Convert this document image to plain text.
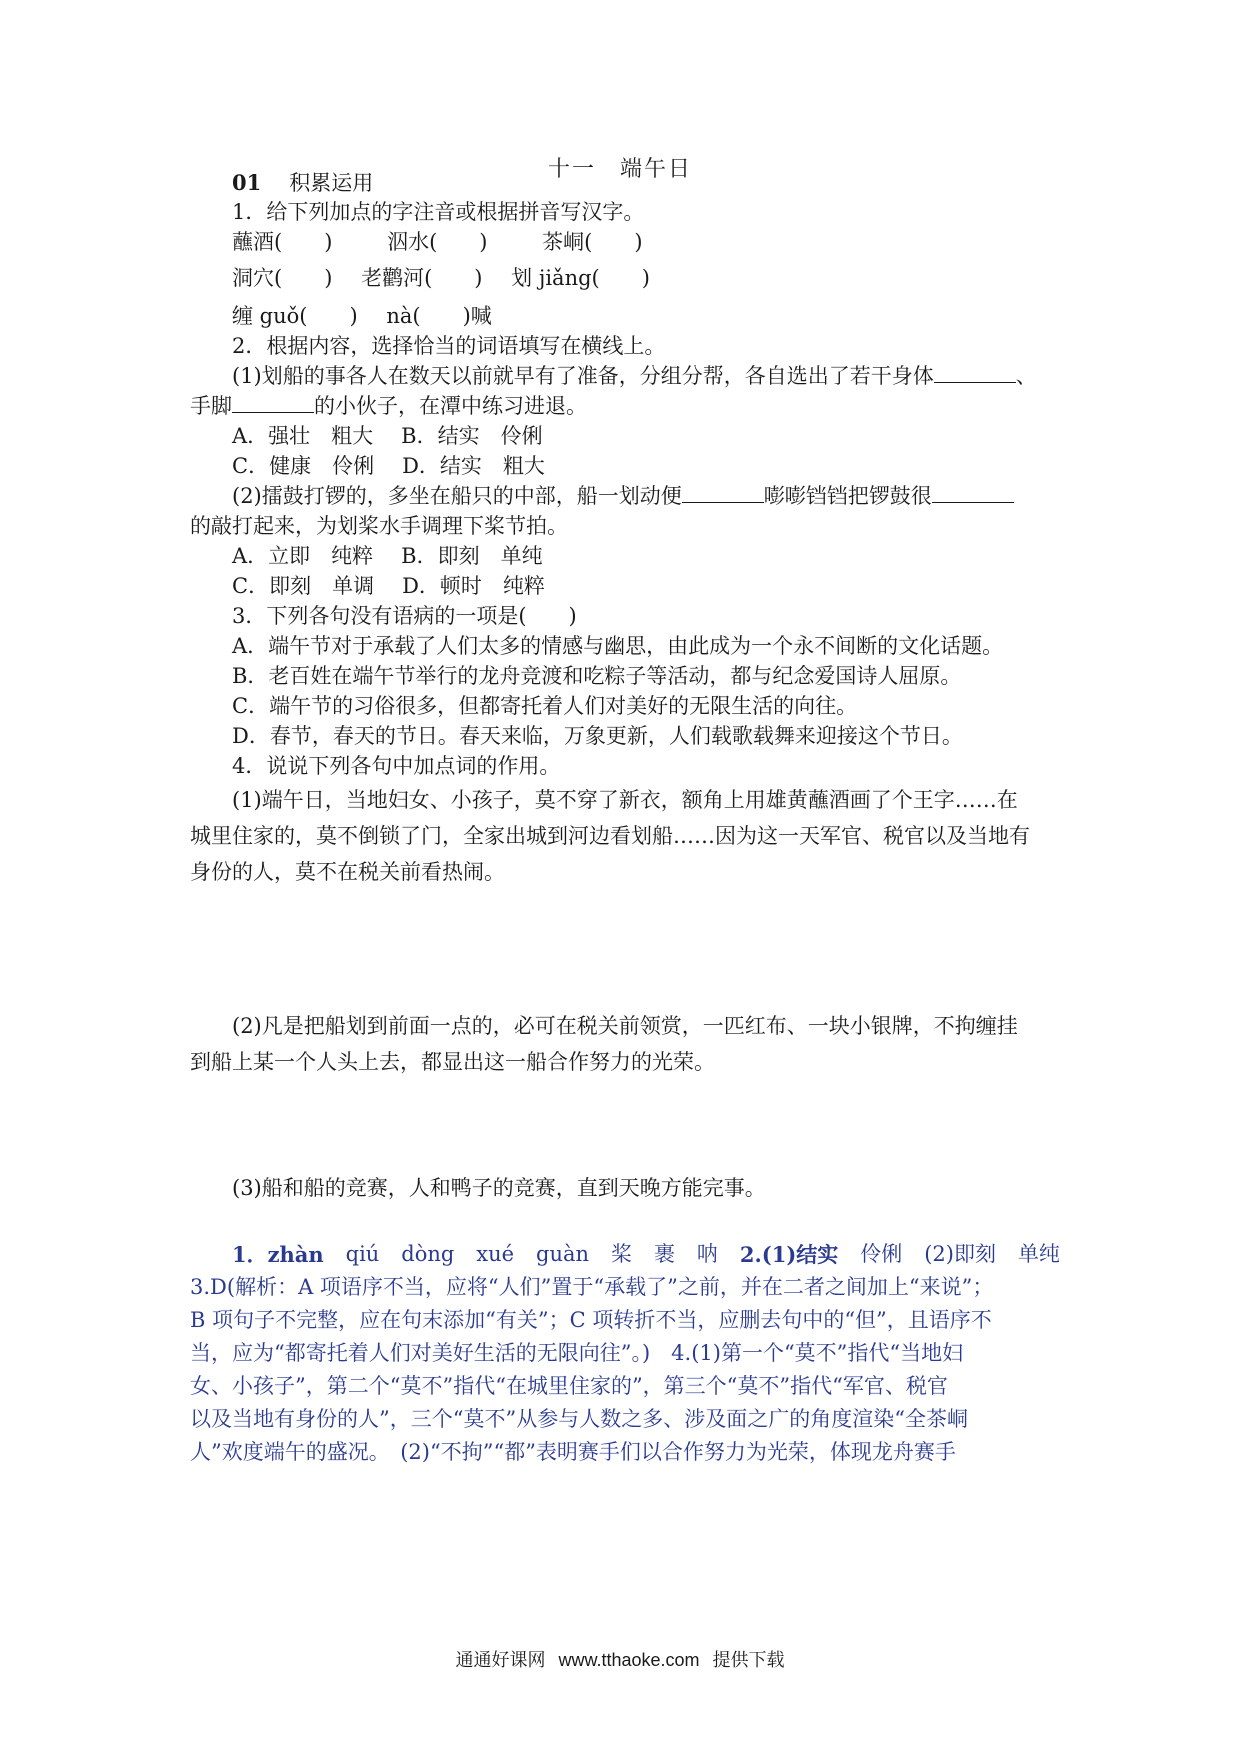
十一　端午日
01 积累运用
1．给下列加点的字注音或根据拼音写汉字。
蘸酒(　　)	泅水(　　)	茶峒(　　)
洞穴(　　) 老鹳河(　　) 划 jiǎng(　　)
缠 guǒ(　　) nà(　　)喊
2．根据内容，选择恰当的词语填写在横线上。
(1)划船的事各人在数天以前就早有了准备，分组分帮，各自选出了若干身体	、
手脚	的小伙子，在潭中练习进退。
A．强壮　粗大 B．结实　伶俐
C．健康　伶俐 D．结实　粗大
(2)擂鼓打锣的，多坐在船只的中部，船一划动便	嘭嘭铛铛把锣鼓很
的敲打起来，为划桨水手调理下桨节拍。
A．立即　纯粹 B．即刻　单纯
C．即刻　单调 D．顿时　纯粹
3．下列各句没有语病的一项是(　　)
A．端午节对于承载了人们太多的情感与幽思，由此成为一个永不间断的文化话题。
B．老百姓在端午节举行的龙舟竞渡和吃粽子等活动，都与纪念爱国诗人屈原。
C．端午节的习俗很多，但都寄托着人们对美好的无限生活的向往。
D．春节，春天的节日。春天来临，万象更新，人们载歌载舞来迎接这个节日。
4．说说下列各句中加点词的作用。
(1)端午日，当地妇女、小孩子，莫不穿了新衣，额角上用雄黄蘸酒画了个王字……在
城里住家的，莫不倒锁了门，全家出城到河边看划船……因为这一天军官、税官以及当地有
身份的人，莫不在税关前看热闹。
(2)凡是把船划到前面一点的，必可在税关前领赏，一匹红布、一块小银牌，不拘缠挂
到船上某一个人头上去，都显出这一船合作努力的光荣。
(3)船和船的竞赛，人和鸭子的竞赛，直到天晚方能完事。
1．zhàn qiú dòng xué guàn 桨 裹 呐 2.(1)结实 伶俐 (2)即刻 单纯
3.D(解析：A 项语序不当，应将“人们”置于“承载了”之前，并在二者之间加上“来说”；
B 项句子不完整，应在句末添加“有关”；C 项转折不当，应删去句中的“但”，且语序不
当，应为“都寄托着人们对美好生活的无限向往”。)　4.(1)第一个“莫不”指代“当地妇
女、小孩子”，第二个“莫不”指代“在城里住家的”，第三个“莫不”指代“军官、税官
以及当地有身份的人”，三个“莫不”从参与人数之多、涉及面之广的角度渲染“全茶峒
人”欢度端午的盛况。　(2)“不拘”“都”表明赛手们以合作努力为光荣，体现龙舟赛手
通通好课网 www.tthaoke.com 提供下载
